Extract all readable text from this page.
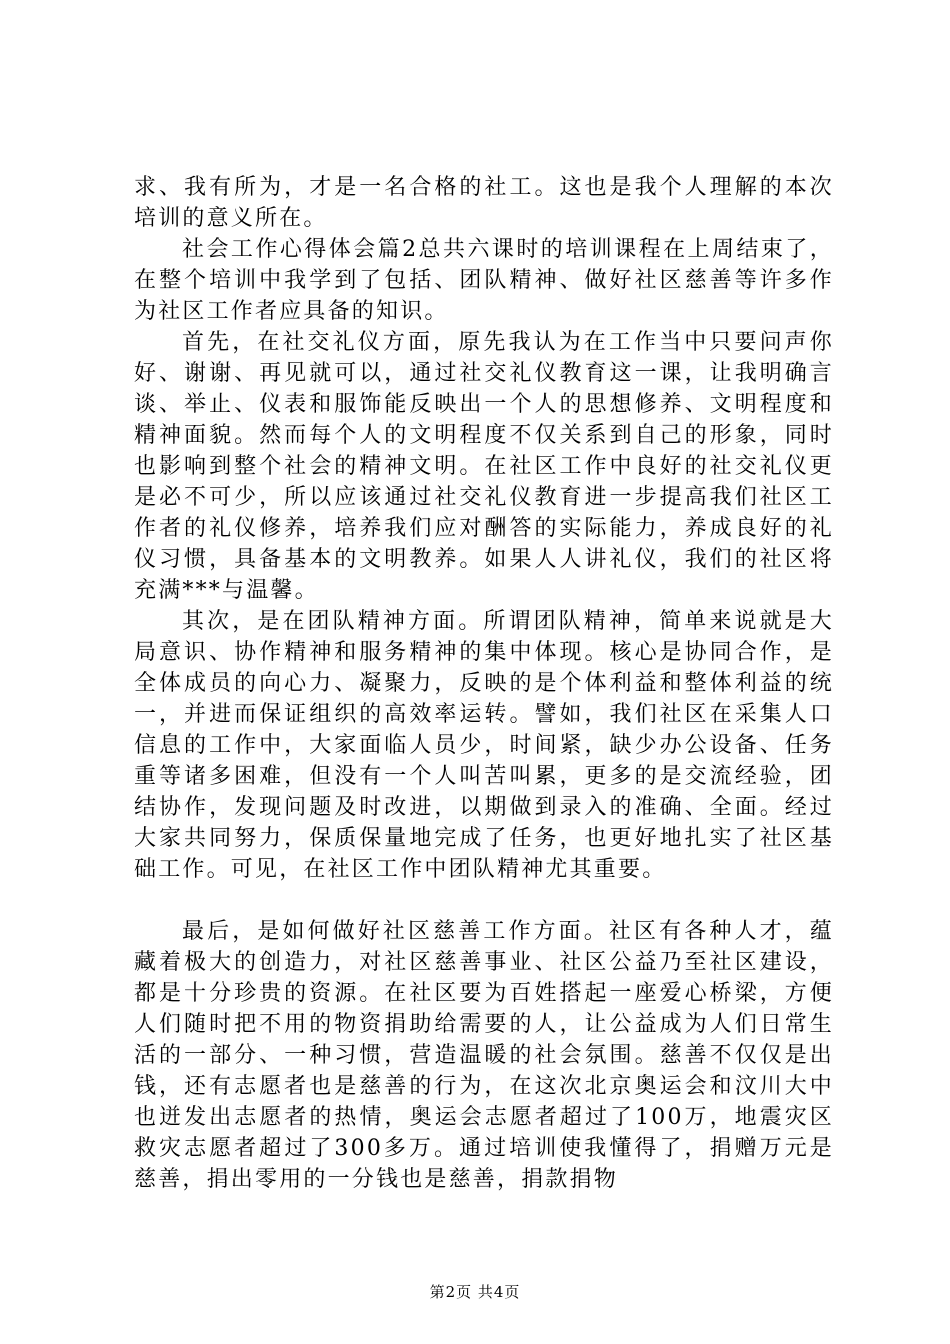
求、我有所为，才是一名合格的社工。这也是我个人理解的本次培训的意义所在。

社会工作心得体会篇2总共六课时的培训课程在上周结束了，在整个培训中我学到了包括、团队精神、做好社区慈善等许多作为社区工作者应具备的知识。

首先，在社交礼仪方面，原先我认为在工作当中只要问声你好、谢谢、再见就可以，通过社交礼仪教育这一课，让我明确言谈、举止、仪表和服饰能反映出一个人的思想修养、文明程度和精神面貌。然而每个人的文明程度不仅关系到自己的形象，同时也影响到整个社会的精神文明。在社区工作中良好的社交礼仪更是必不可少，所以应该通过社交礼仪教育进一步提高我们社区工作者的礼仪修养，培养我们应对酬答的实际能力，养成良好的礼仪习惯，具备基本的文明教养。如果人人讲礼仪，我们的社区将充满***与温馨。

其次，是在团队精神方面。所谓团队精神，简单来说就是大局意识、协作精神和服务精神的集中体现。核心是协同合作，是全体成员的向心力、凝聚力，反映的是个体利益和整体利益的统一，并进而保证组织的高效率运转。譬如，我们社区在采集人口信息的工作中，大家面临人员少，时间紧，缺少办公设备、任务重等诸多困难，但没有一个人叫苦叫累，更多的是交流经验，团结协作，发现问题及时改进，以期做到录入的准确、全面。经过大家共同努力，保质保量地完成了任务，也更好地扎实了社区基础工作。可见，在社区工作中团队精神尤其重要。

最后，是如何做好社区慈善工作方面。社区有各种人才，蕴藏着极大的创造力，对社区慈善事业、社区公益乃至社区建设，都是十分珍贵的资源。在社区要为百姓搭起一座爱心桥梁，方便人们随时把不用的物资捐助给需要的人，让公益成为人们日常生活的一部分、一种习惯，营造温暖的社会氛围。慈善不仅仅是出钱，还有志愿者也是慈善的行为，在这次北京奥运会和汶川大中也迸发出志愿者的热情，奥运会志愿者超过了100万，地震灾区救灾志愿者超过了300多万。通过培训使我懂得了，捐赠万元是慈善，捐出零用的一分钱也是慈善，捐款捐物

第2页 共4页
